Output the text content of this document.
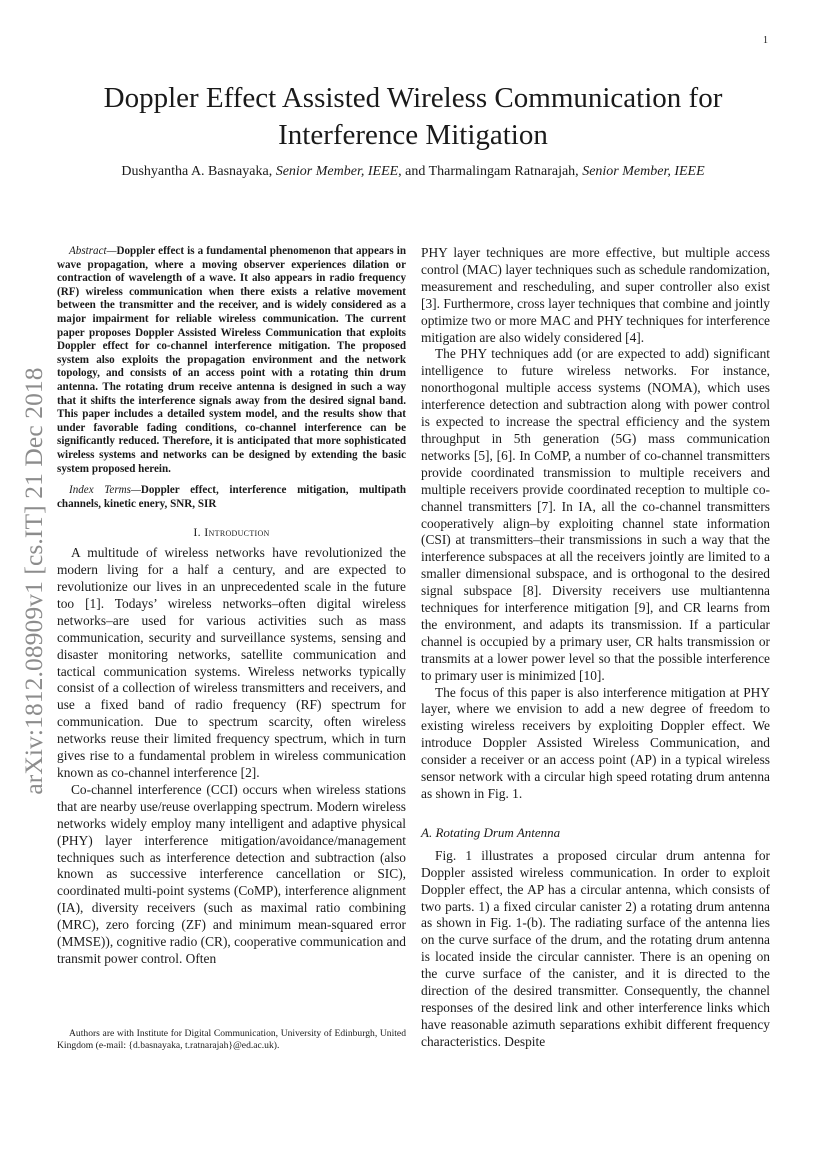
1
arXiv:1812.08909v1 [cs.IT] 21 Dec 2018
Doppler Effect Assisted Wireless Communication for Interference Mitigation

Dushyantha A. Basnayaka, Senior Member, IEEE, and Tharmalingam Ratnarajah, Senior Member, IEEE

Abstract—Doppler effect is a fundamental phenomenon that appears in wave propagation, where a moving observer experiences dilation or contraction of wavelength of a wave. It also appears in radio frequency (RF) wireless communication when there exists a relative movement between the transmitter and the receiver, and is widely considered as a major impairment for reliable wireless communication. The current paper proposes Doppler Assisted Wireless Communication that exploits Doppler effect for co-channel interference mitigation. The proposed system also exploits the propagation environment and the network topology, and consists of an access point with a rotating thin drum antenna. The rotating drum receive antenna is designed in such a way that it shifts the interference signals away from the desired signal band. This paper includes a detailed system model, and the results show that under favorable fading conditions, co-channel interference can be significantly reduced. Therefore, it is anticipated that more sophisticated wireless systems and networks can be designed by extending the basic system proposed herein.

Index Terms—Doppler effect, interference mitigation, multipath channels, kinetic enery, SNR, SIR

I. Introduction

A multitude of wireless networks have revolutionized the modern living for a half a century, and are expected to revolutionize our lives in an unprecedented scale in the future too [1]. Todays’ wireless networks–often digital wireless networks–are used for various activities such as mass communication, security and surveillance systems, sensing and disaster monitoring networks, satellite communication and tactical communication systems. Wireless networks typically consist of a collection of wireless transmitters and receivers, and use a fixed band of radio frequency (RF) spectrum for communication. Due to spectrum scarcity, often wireless networks reuse their limited frequency spectrum, which in turn gives rise to a fundamental problem in wireless communication known as co-channel interference [2].

Co-channel interference (CCI) occurs when wireless stations that are nearby use/reuse overlapping spectrum. Modern wireless networks widely employ many intelligent and adaptive physical (PHY) layer interference mitigation/avoidance/management techniques such as interference detection and subtraction (also known as successive interference cancellation or SIC), coordinated multi-point systems (CoMP), interference alignment (IA), diversity receivers (such as maximal ratio combining (MRC), zero forcing (ZF) and minimum mean-squared error (MMSE)), cognitive radio (CR), cooperative communication and transmit power control. Often

PHY layer techniques are more effective, but multiple access control (MAC) layer techniques such as schedule randomization, measurement and rescheduling, and super controller also exist [3]. Furthermore, cross layer techniques that combine and jointly optimize two or more MAC and PHY techniques for interference mitigation are also widely considered [4].

The PHY techniques add (or are expected to add) significant intelligence to future wireless networks. For instance, nonorthogonal multiple access systems (NOMA), which uses interference detection and subtraction along with power control is expected to increase the spectral efficiency and the system throughput in 5th generation (5G) mass communication networks [5], [6]. In CoMP, a number of co-channel transmitters provide coordinated transmission to multiple receivers and multiple receivers provide coordinated reception to multiple co-channel transmitters [7]. In IA, all the co-channel transmitters cooperatively align–by exploiting channel state information (CSI) at transmitters–their transmissions in such a way that the interference subspaces at all the receivers jointly are limited to a smaller dimensional subspace, and is orthogonal to the desired signal subspace [8]. Diversity receivers use multiantenna techniques for interference mitigation [9], and CR learns from the environment, and adapts its transmission. If a particular channel is occupied by a primary user, CR halts transmission or transmits at a lower power level so that the possible interference to primary user is minimized [10].

The focus of this paper is also interference mitigation at PHY layer, where we envision to add a new degree of freedom to existing wireless receivers by exploiting Doppler effect. We introduce Doppler Assisted Wireless Communication, and consider a receiver or an access point (AP) in a typical wireless sensor network with a circular high speed rotating drum antenna as shown in Fig. 1.

A. Rotating Drum Antenna

Fig. 1 illustrates a proposed circular drum antenna for Doppler assisted wireless communication. In order to exploit Doppler effect, the AP has a circular antenna, which consists of two parts. 1) a fixed circular canister 2) a rotating drum antenna as shown in Fig. 1-(b). The radiating surface of the antenna lies on the curve surface of the drum, and the rotating drum antenna is located inside the circular cannister. There is an opening on the curve surface of the canister, and it is directed to the direction of the desired transmitter. Consequently, the channel responses of the desired link and other interference links which have reasonable azimuth separations exhibit different frequency characteristics. Despite

Authors are with Institute for Digital Communication, University of Edinburgh, United Kingdom (e-mail: {d.basnayaka, t.ratnarajah}@ed.ac.uk).
